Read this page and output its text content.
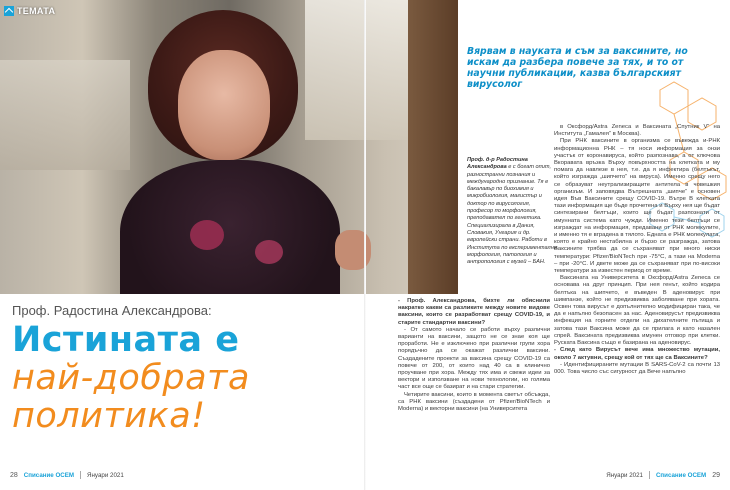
ТЕМАТА
Вярвам в науката и съм за ваксините, но искам да разбера повече за тях, и то от научни публикации, казва българският вирусолог
Проф. д-р Радостина Александрова е с богат опит, разностранни познания и международно признание. Тя е бакалавър по биохимия и микробиология, магистър и доктор по вирусология, професор по морфология, преподавател по генетика. Специализирала в Дания, Словакия, Унгария и др. европейски страни. Работи в Института по експериментална морфология, патология и антропология с музей – БАН.
Проф. Радостина Александрова:
Истината е
най-добрата
политика!

- Проф. Александрова, бихте ли обяснили накратко какви са разликите между новите видове ваксини, които се разработват срещу COVID-19, и старите стандартни ваксини?

- От самото начало се работи върху различни варианти на ваксини, защото не се знае коя ще проработи. Не е изключено при различни групи хора порядъчно да се окажат различни ваксини. Създадените проекти за ваксина срещу COVID-19 са повече от 200, от които над 40 са в клинично проучване при хора. Между тях има и свежи идеи за вектори и използване на нови технологии, но голяма част все още се базират и на стари стратегии.

Четирите ваксини, които в момента светът обсъжда, са РНК ваксини (създадени от Pfizer/BioNTech и Moderna) и векторни ваксини (на Университета

в Оксфорд/Astra Zeneca и Ваксината „Спутник V“ на Института „Гамалея“ в Москва).

При РНК ваксините в организма се въвежда и-РНК информационна РНК – тя носи информация за онзи участък от коронавируса, който разпознава, а от ключова Вкоравата връзка Върху повърхността на клетката и му помага да навлезе в нея, т.е. да я инфектира (белтъкът, който изгражда „шипчето“ на вируса). Именно срещу него се образуват неутрализиращите антитела в човешкия организъм. И заповядва Вътрешната „шипче“ е основен идея Във Ваксините срещу COVID-19. Вътре В клетката тази информация ще бъде прочетена и Върху нея ще бъдат синтезирани белтъци, които ще бъдат разпознати от имунната система като чужди. Именно тези белтъци се изграждат на информация, предавани от РНК молекулите, и именно тя е вградена в тялото. Едната е РНК молекулата, която е крайно нестабилна и бързо се разгражда, затова Ваксините трябва да се съхраняват при много ниски температури: Pfizer/BioNTech при -75°С, а тази на Moderna – при -20°С. И двете може да се съхраняват при по-високи температури за известен период от време.

Ваксината на Университета в Оксфорд/Astra Zeneca се основава на друг принцип. При нея генът, който кодира белтъка на шипчето, е въведен В аденовирус при шимпанзе, който не предизвиква заболяване при хората. Освен това вирусът е допълнително модифициран така, че да е напълно безопасен за нас. Аденовирусът предизвиква инфекция на горните отдели на дихателните пътища и затова тази Ваксина може да се прилага и като назален спрей. Ваксината предизвиква имунен отговор при клетки. Руската Ваксина също е базирана на аденовирус.

- След като Вирусът вече има множество мутации, около 7 актувни, срещу кой от тях ще са Ваксините?

- Идентифицираните мутации В SARS-CoV-2 са почти 13 000. Това число със сигурност да Вече напълно

28 Списание ОСЕМ Януари 2021	Януари 2021 Списание ОСЕМ 29
